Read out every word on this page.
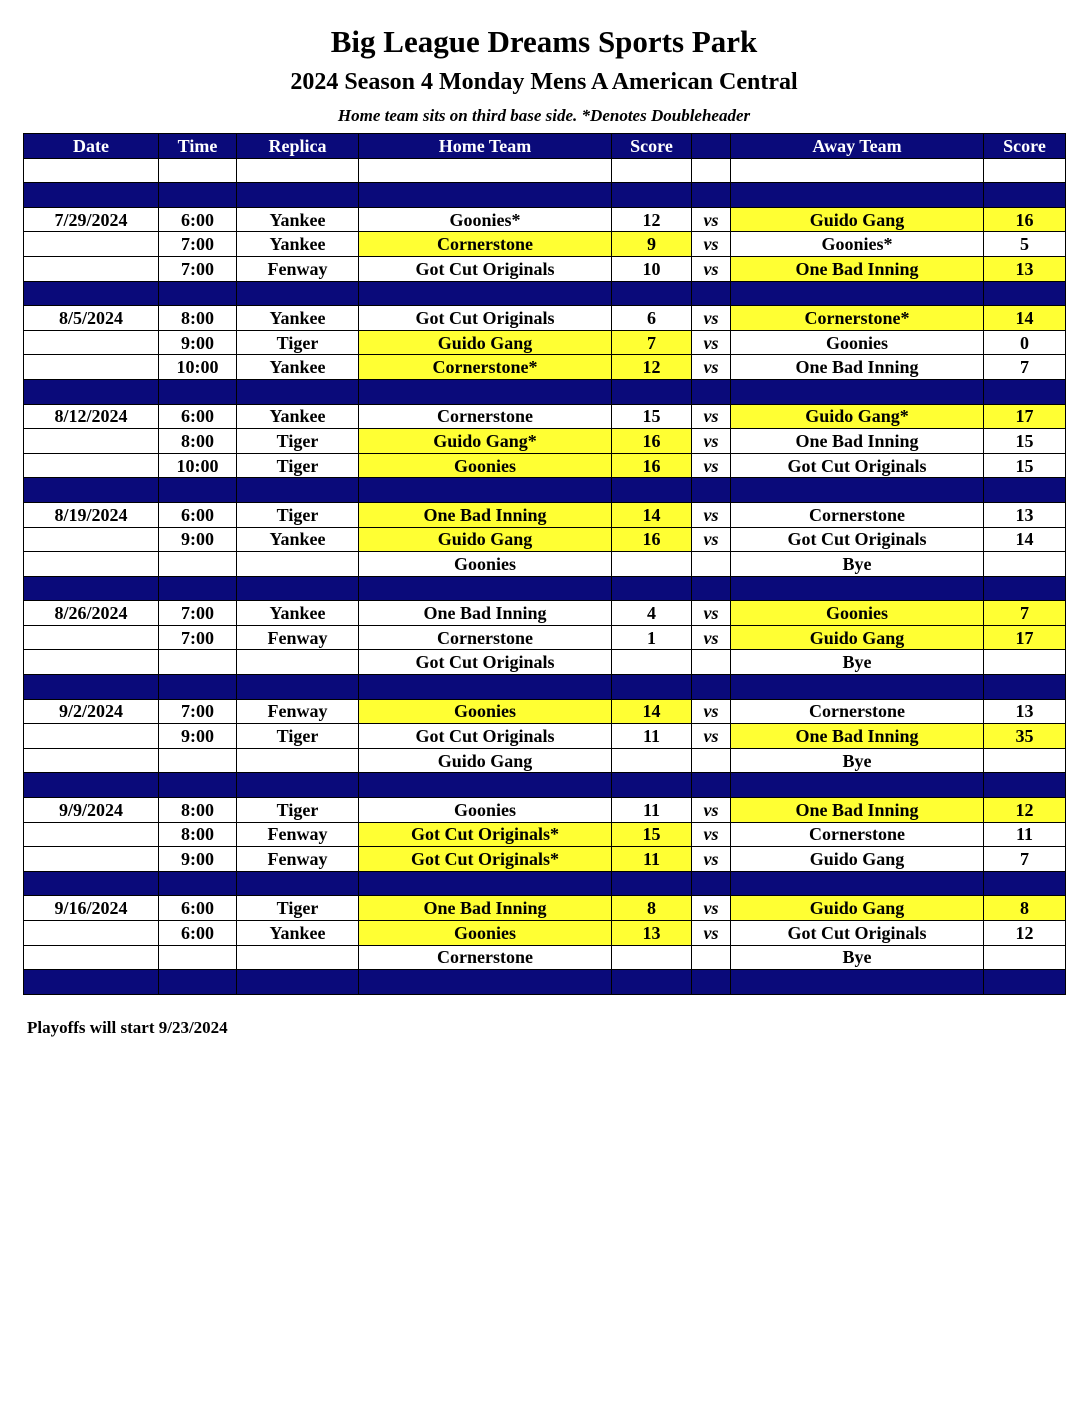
Big League Dreams Sports Park
2024 Season 4 Monday Mens A American Central
Home team sits on third base side. *Denotes Doubleheader
Date	Time	Replica	Home Team	Score		Away Team	Score

7/29/2024	6:00	Yankee	Goonies*	12	vs	Guido Gang	16
	7:00	Yankee	Cornerstone	9	vs	Goonies*	5
	7:00	Fenway	Got Cut Originals	10	vs	One Bad Inning	13

8/5/2024	8:00	Yankee	Got Cut Originals	6	vs	Cornerstone*	14
	9:00	Tiger	Guido Gang	7	vs	Goonies	0
	10:00	Yankee	Cornerstone*	12	vs	One Bad Inning	7

8/12/2024	6:00	Yankee	Cornerstone	15	vs	Guido Gang*	17
	8:00	Tiger	Guido Gang*	16	vs	One Bad Inning	15
	10:00	Tiger	Goonies	16	vs	Got Cut Originals	15

8/19/2024	6:00	Tiger	One Bad Inning	14	vs	Cornerstone	13
	9:00	Yankee	Guido Gang	16	vs	Got Cut Originals	14
			Goonies			Bye	

8/26/2024	7:00	Yankee	One Bad Inning	4	vs	Goonies	7
	7:00	Fenway	Cornerstone	1	vs	Guido Gang	17
			Got Cut Originals			Bye	

9/2/2024	7:00	Fenway	Goonies	14	vs	Cornerstone	13
	9:00	Tiger	Got Cut Originals	11	vs	One Bad Inning	35
			Guido Gang			Bye	

9/9/2024	8:00	Tiger	Goonies	11	vs	One Bad Inning	12
	8:00	Fenway	Got Cut Originals*	15	vs	Cornerstone	11
	9:00	Fenway	Got Cut Originals*	11	vs	Guido Gang	7

9/16/2024	6:00	Tiger	One Bad Inning	8	vs	Guido Gang	8
	6:00	Yankee	Goonies	13	vs	Got Cut Originals	12
			Cornerstone			Bye	

Playoffs will start 9/23/2024
